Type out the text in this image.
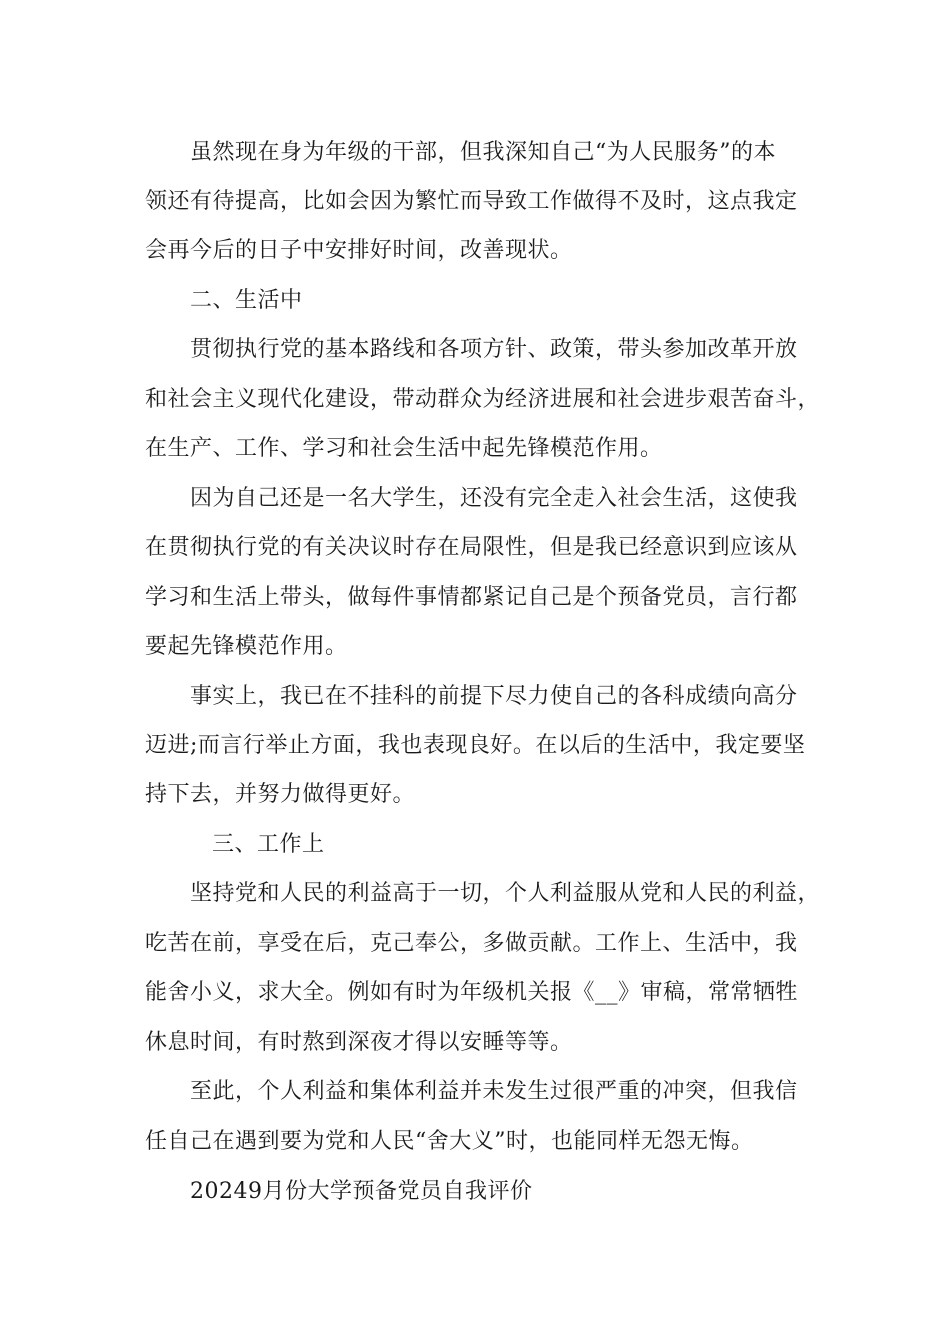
虽然现在身为年级的干部，但我深知自己“为人民服务”的本
领还有待提高，比如会因为繁忙而导致工作做得不及时，这点我定
会再今后的日子中安排好时间，改善现状。
二、生活中
贯彻执行党的基本路线和各项方针、政策，带头参加改革开放
和社会主义现代化建设，带动群众为经济进展和社会进步艰苦奋斗，
在生产、工作、学习和社会生活中起先锋模范作用。
因为自己还是一名大学生，还没有完全走入社会生活，这使我
在贯彻执行党的有关决议时存在局限性，但是我已经意识到应该从
学习和生活上带头，做每件事情都紧记自己是个预备党员，言行都
要起先锋模范作用。
事实上，我已在不挂科的前提下尽力使自己的各科成绩向高分
迈进;而言行举止方面，我也表现良好。在以后的生活中，我定要坚
持下去，并努力做得更好。
三、工作上
坚持党和人民的利益高于一切，个人利益服从党和人民的利益，
吃苦在前，享受在后，克己奉公，多做贡献。工作上、生活中，我
能舍小义，求大全。例如有时为年级机关报《__》审稿，常常牺牲
休息时间，有时熬到深夜才得以安睡等等。
至此，个人利益和集体利益并未发生过很严重的冲突，但我信
任自己在遇到要为党和人民“舍大义”时，也能同样无怨无悔。
20249月份大学预备党员自我评价
